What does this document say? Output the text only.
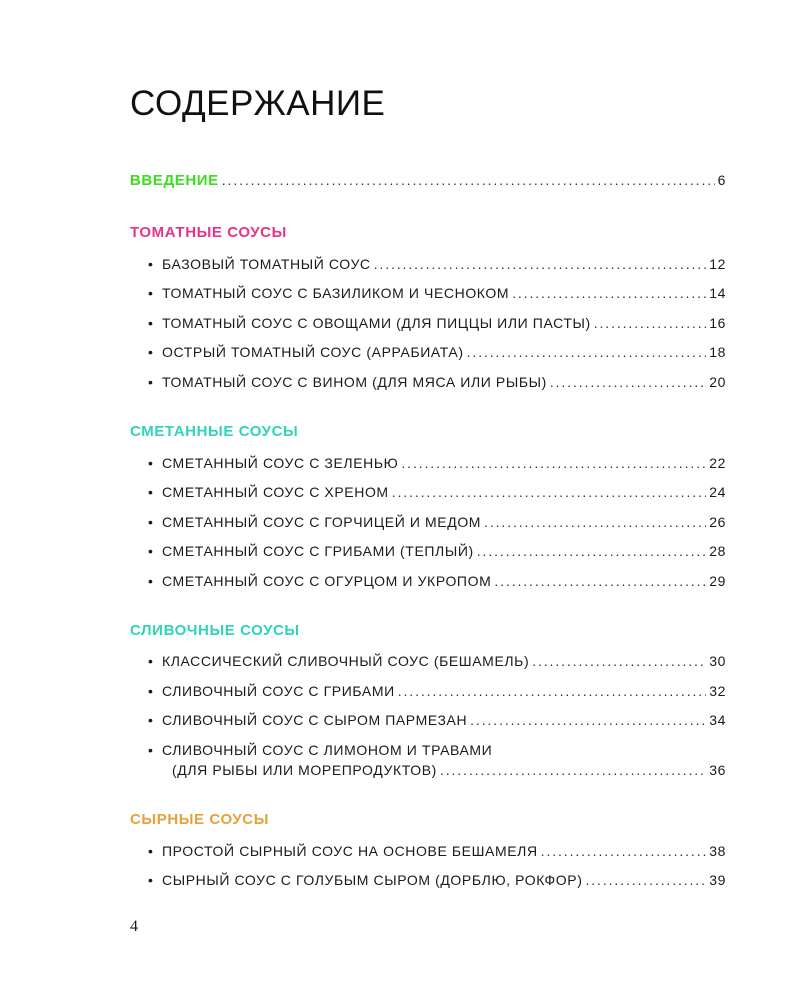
СОДЕРЖАНИЕ
ВВЕДЕНИЕ . . .	6
ТОМАТНЫЕ СОУСЫ
• БАЗОВЫЙ ТОМАТНЫЙ СОУС . . .	12
• ТОМАТНЫЙ СОУС С БАЗИЛИКОМ И ЧЕСНОКОМ . . .	14
• ТОМАТНЫЙ СОУС С ОВОЩАМИ (ДЛЯ ПИЦЦЫ ИЛИ ПАСТЫ) . . .	16
• ОСТРЫЙ ТОМАТНЫЙ СОУС (АРРАБИАТА) . . .	18
• ТОМАТНЫЙ СОУС С ВИНОМ (ДЛЯ МЯСА ИЛИ РЫБЫ) . . .	20
СМЕТАННЫЕ СОУСЫ
• СМЕТАННЫЙ СОУС С ЗЕЛЕНЬЮ . . .	22
• СМЕТАННЫЙ СОУС С ХРЕНОМ . . .	24
• СМЕТАННЫЙ СОУС С ГОРЧИЦЕЙ И МЕДОМ . . .	26
• СМЕТАННЫЙ СОУС С ГРИБАМИ (ТЕПЛЫЙ) . . .	28
• СМЕТАННЫЙ СОУС С ОГУРЦОМ И УКРОПОМ . . .	29
СЛИВОЧНЫЕ СОУСЫ
• КЛАССИЧЕСКИЙ СЛИВОЧНЫЙ СОУС (БЕШАМЕЛЬ) . . .	30
• СЛИВОЧНЫЙ СОУС С ГРИБАМИ . . .	32
• СЛИВОЧНЫЙ СОУС С СЫРОМ ПАРМЕЗАН . . .	34
• СЛИВОЧНЫЙ СОУС С ЛИМОНОМ И ТРАВАМИ
(ДЛЯ РЫБЫ ИЛИ МОРЕПРОДУКТОВ) . . .	36
СЫРНЫЕ СОУСЫ
• ПРОСТОЙ СЫРНЫЙ СОУС НА ОСНОВЕ БЕШАМЕЛЯ . . .	38
• СЫРНЫЙ СОУС С ГОЛУБЫМ СЫРОМ (ДОРБЛЮ, РОКФОР) . . .	39
4
